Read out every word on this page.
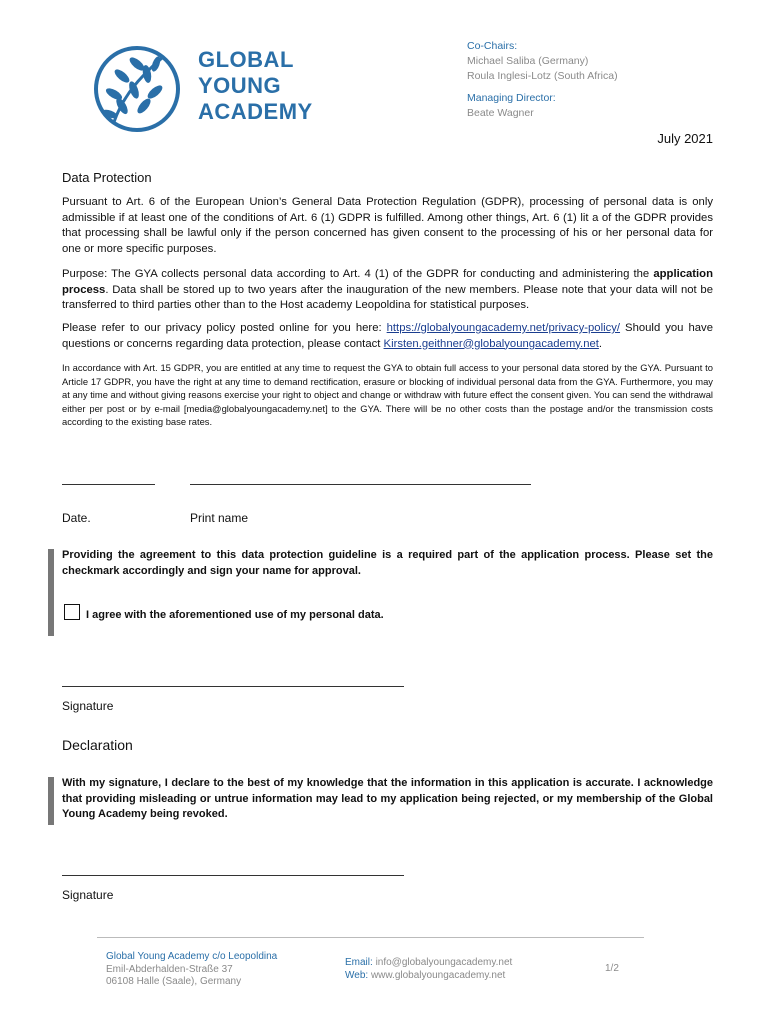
GLOBAL
YOUNG
ACADEMY
Co-Chairs:
Michael Saliba (Germany)
Roula Inglesi-Lotz (South Africa)
Managing Director:
Beate Wagner
July 2021
Data Protection
Pursuant to Art. 6 of the European Union’s General Data Protection Regulation (GDPR), processing of personal data is only admissible if at least one of the conditions of Art. 6 (1) GDPR is fulfilled. Among other things, Art. 6 (1) lit a of the GDPR provides that processing shall be lawful only if the person concerned has given consent to the processing of his or her personal data for one or more specific purposes.
Purpose: The GYA collects personal data according to Art. 4 (1) of the GDPR for conducting and administering the application process. Data shall be stored up to two years after the inauguration of the new members. Please note that your data will not be transferred to third parties other than to the Host academy Leopoldina for statistical purposes.
Please refer to our privacy policy posted online for you here: https://globalyoungacademy.net/privacy-policy/ Should you have questions or concerns regarding data protection, please contact Kirsten.geithner@globalyoungacademy.net.
In accordance with Art. 15 GDPR, you are entitled at any time to request the GYA to obtain full access to your personal data stored by the GYA. Pursuant to Article 17 GDPR, you have the right at any time to demand rectification, erasure or blocking of individual personal data from the GYA. Furthermore, you may at any time and without giving reasons exercise your right to object and change or withdraw with future effect the consent given. You can send the withdrawal either per post or by e-mail [media@globalyoungacademy.net] to the GYA. There will be no other costs than the postage and/or the transmission costs according to the existing base rates.
Date.	Print name
Providing the agreement to this data protection guideline is a required part of the application process. Please set the checkmark accordingly and sign your name for approval.
I agree with the aforementioned use of my personal data.
Signature
Declaration
With my signature, I declare to the best of my knowledge that the information in this application is accurate. I acknowledge that providing misleading or untrue information may lead to my application being rejected, or my membership of the Global Young Academy being revoked.
Signature
Global Young Academy c/o Leopoldina
Emil-Abderhalden-Straße 37
06108 Halle (Saale), Germany
Email: info@globalyoungacademy.net
Web: www.globalyoungacademy.net
1/2
